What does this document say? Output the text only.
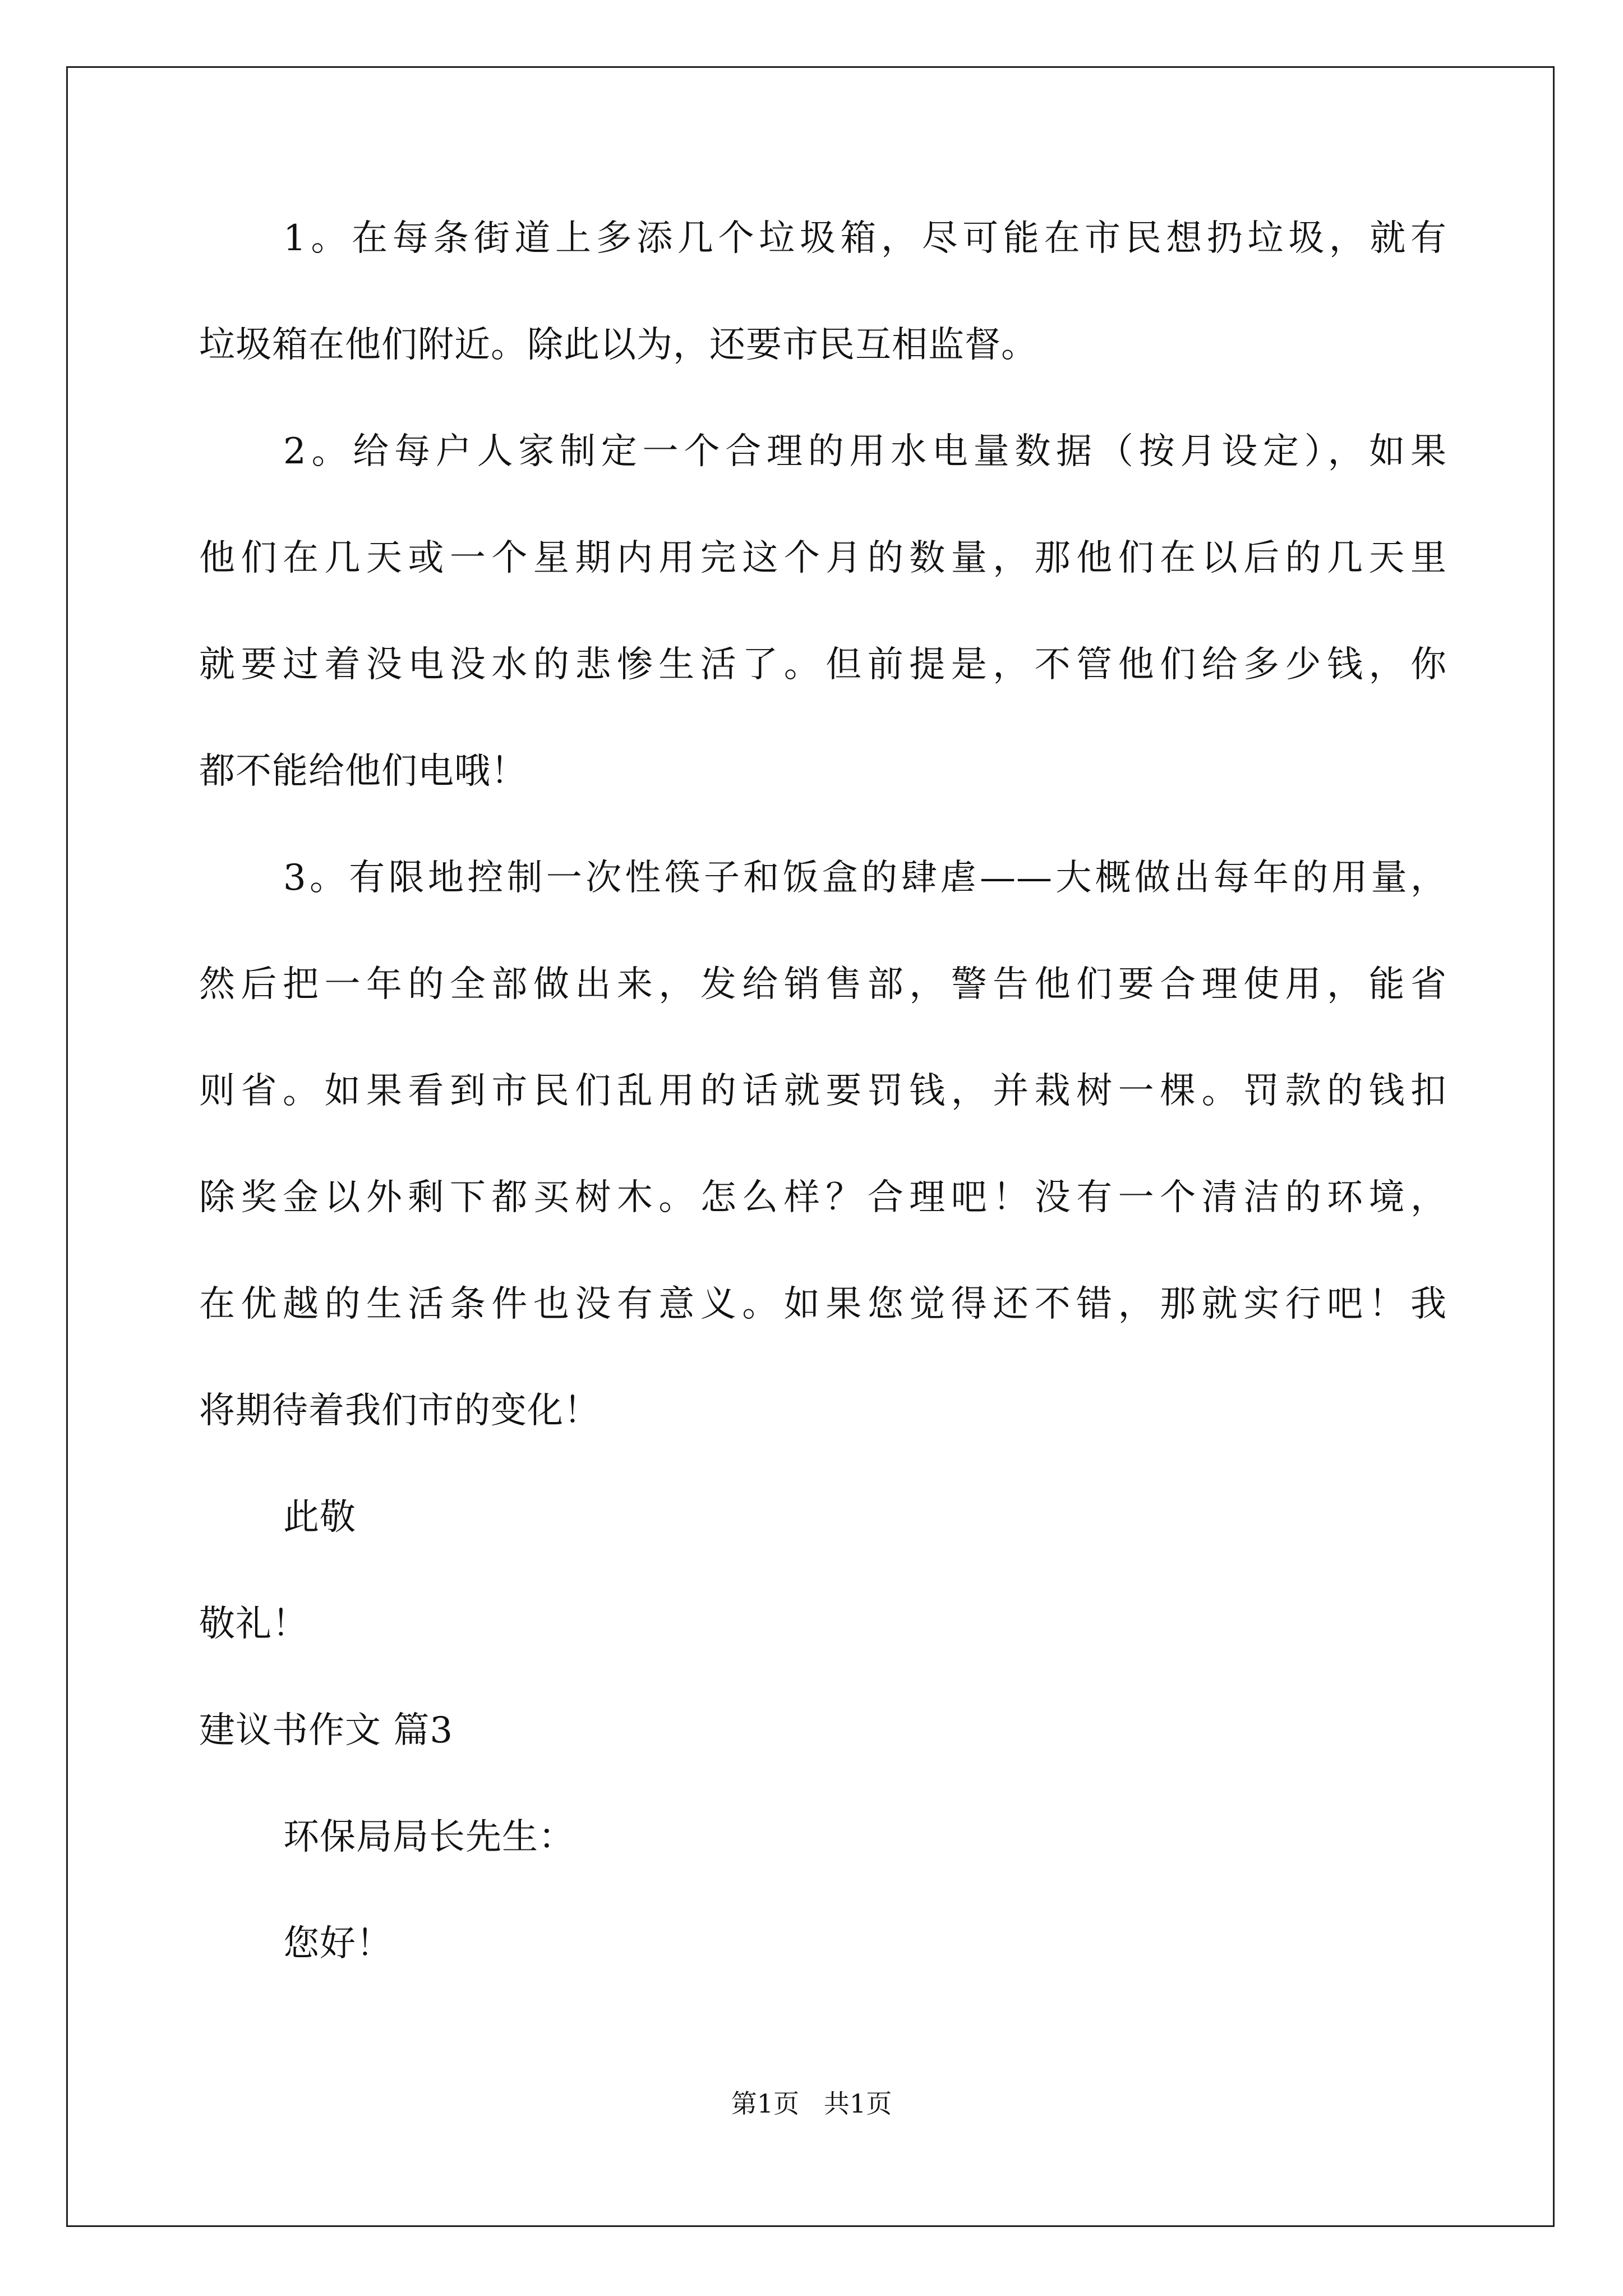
1。在每条街道上多添几个垃圾箱，尽可能在市民想扔垃圾，就有
垃圾箱在他们附近。除此以为，还要市民互相监督。
2。给每户人家制定一个合理的用水电量数据（按月设定），如果
他们在几天或一个星期内用完这个月的数量，那他们在以后的几天里
就要过着没电没水的悲惨生活了。但前提是，不管他们给多少钱，你
都不能给他们电哦！
3。有限地控制一次性筷子和饭盒的肆虐——大概做出每年的用量，
然后把一年的全部做出来，发给销售部，警告他们要合理使用，能省
则省。如果看到市民们乱用的话就要罚钱，并栽树一棵。罚款的钱扣
除奖金以外剩下都买树木。怎么样？合理吧！没有一个清洁的环境，
在优越的生活条件也没有意义。如果您觉得还不错，那就实行吧！我
将期待着我们市的变化！
此敬
敬礼！
建议书作文 篇3
环保局局长先生：
您好！
第1页   共1页
